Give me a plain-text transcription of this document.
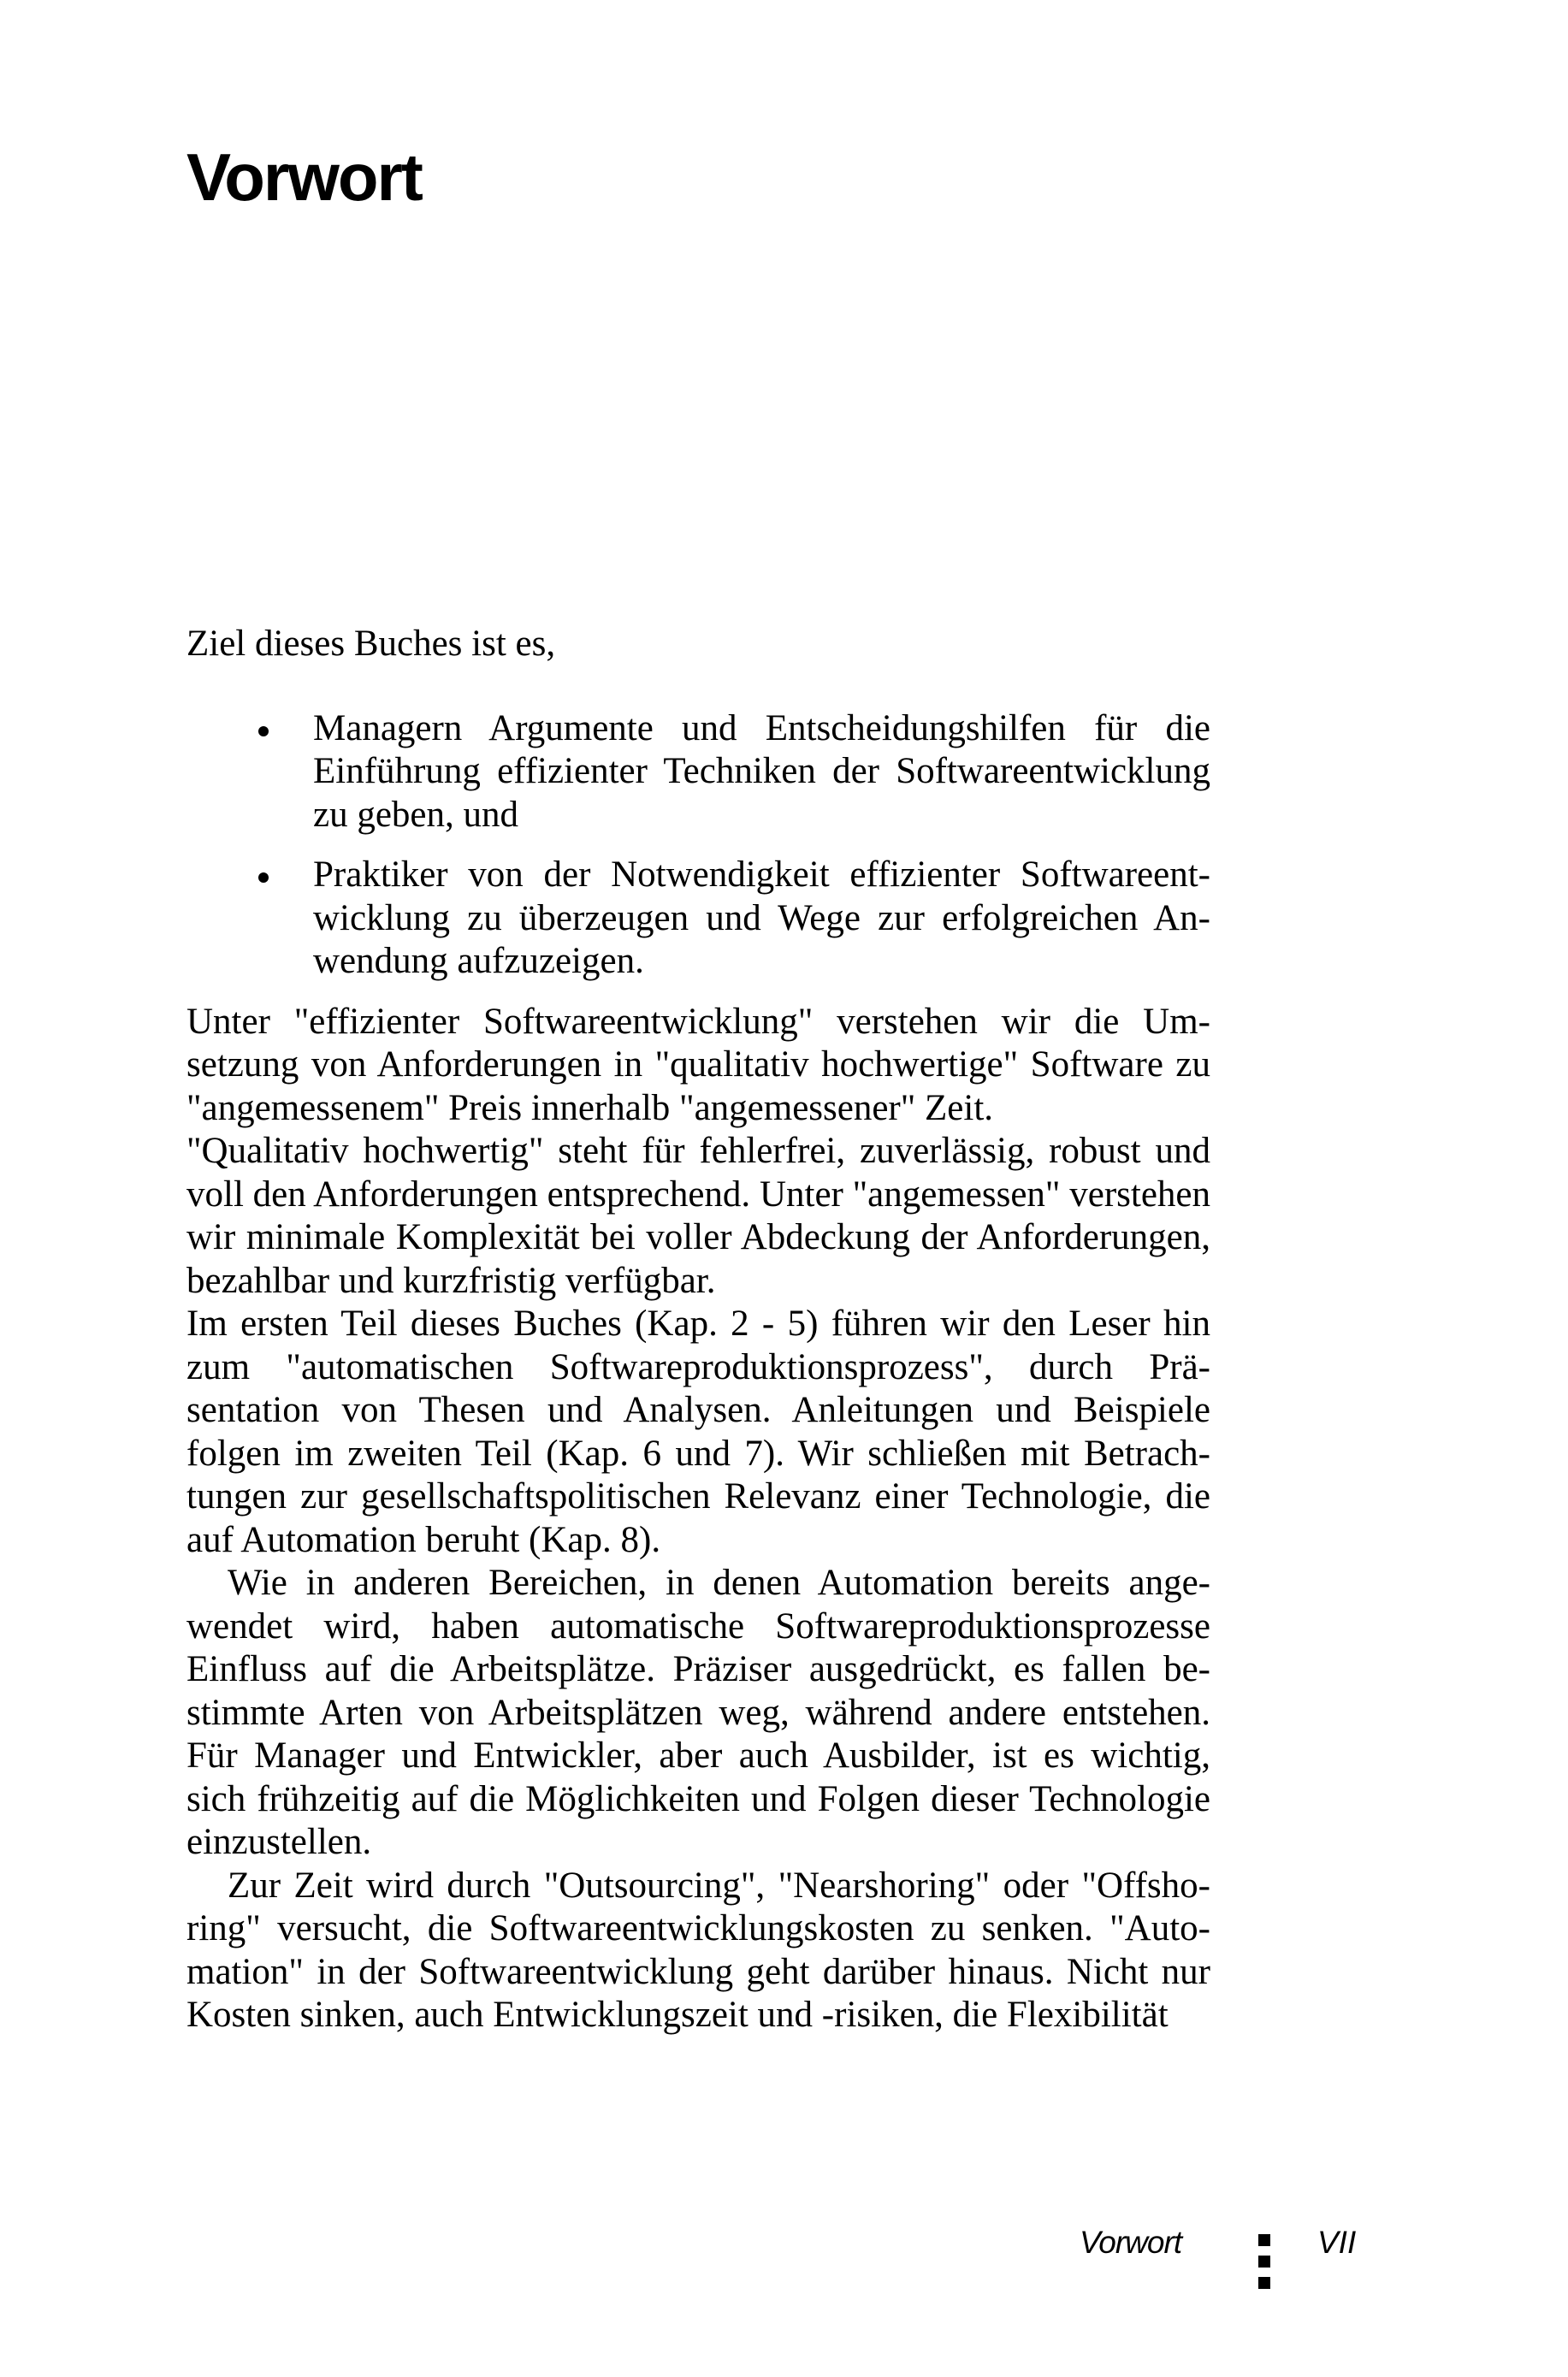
Vorwort

Ziel dieses Buches ist es,

Managern Argumente und Entscheidungshilfen für die Einführung effizienter Techniken der Softwareentwicklung zu geben, und
Praktiker von der Notwendigkeit effizienter Softwareentwicklung zu überzeugen und Wege zur erfolgreichen Anwendung aufzuzeigen.

Unter "effizienter Softwareentwicklung" verstehen wir die Umsetzung von Anforderungen in "qualitativ hochwertige" Software zu "angemessenem" Preis innerhalb "angemessener" Zeit.

"Qualitativ hochwertig" steht für fehlerfrei, zuverlässig, robust und voll den Anforderungen entsprechend. Unter "angemessen" verstehen wir minimale Komplexität bei voller Abdeckung der Anforderungen, bezahlbar und kurzfristig verfügbar.

Im ersten Teil dieses Buches (Kap. 2 - 5) führen wir den Leser hin zum "automatischen Softwareproduktionsprozess", durch Präsentation von Thesen und Analysen. Anleitungen und Beispiele folgen im zweiten Teil (Kap. 6 und 7). Wir schließen mit Betrachtungen zur gesellschaftspolitischen Relevanz einer Technologie, die auf Automation beruht (Kap. 8).

Wie in anderen Bereichen, in denen Automation bereits angewendet wird, haben automatische Softwareproduktionsprozesse Einfluss auf die Arbeitsplätze. Präziser ausgedrückt, es fallen bestimmte Arten von Arbeitsplätzen weg, während andere entstehen. Für Manager und Entwickler, aber auch Ausbilder, ist es wichtig, sich frühzeitig auf die Möglichkeiten und Folgen dieser Technologie einzustellen.

Zur Zeit wird durch "Outsourcing", "Nearshoring" oder "Offshoring" versucht, die Softwareentwicklungskosten zu senken. "Automation" in der Softwareentwicklung geht darüber hinaus. Nicht nur Kosten sinken, auch Entwicklungszeit und -risiken, die Flexibilität

Vorwort	VII
